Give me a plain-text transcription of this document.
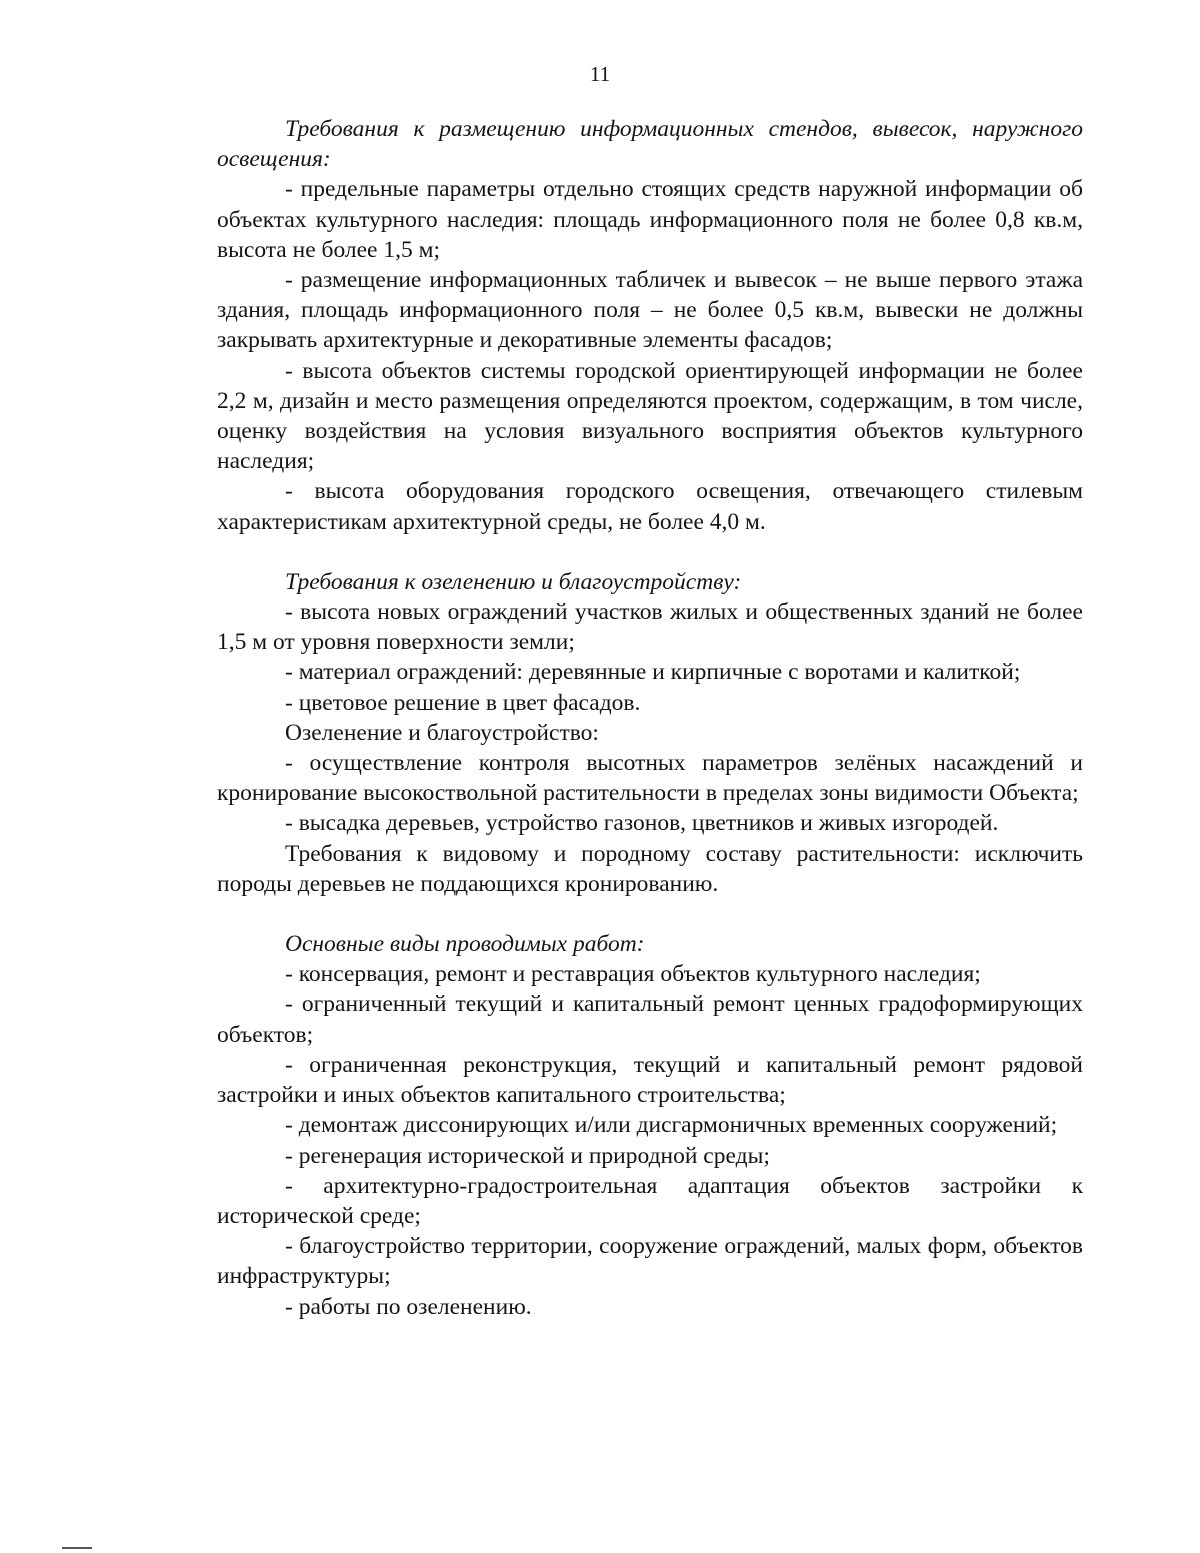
11

Требования к размещению информационных стендов, вывесок, наружного освещения:

- предельные параметры отдельно стоящих средств наружной информации об объектах культурного наследия: площадь информационного поля не более 0,8 кв.м, высота не более 1,5 м;

- размещение информационных табличек и вывесок – не выше первого этажа здания, площадь информационного поля – не более 0,5 кв.м, вывески не должны закрывать архитектурные и декоративные элементы фасадов;

- высота объектов системы городской ориентирующей информации не более 2,2 м, дизайн и место размещения определяются проектом, содержащим, в том числе, оценку воздействия на условия визуального восприятия объектов культурного наследия;

- высота оборудования городского освещения, отвечающего стилевым характеристикам архитектурной среды, не более 4,0 м.

Требования к озеленению и благоустройству:

- высота новых ограждений участков жилых и общественных зданий не более 1,5 м от уровня поверхности земли;

- материал ограждений: деревянные и кирпичные с воротами и калиткой;

- цветовое решение в цвет фасадов.

Озеленение и благоустройство:

- осуществление контроля высотных параметров зелёных насаждений и кронирование высокоствольной растительности в пределах зоны видимости Объекта;

- высадка деревьев, устройство газонов, цветников и живых изгородей.

Требования к видовому и породному составу растительности: исключить породы деревьев не поддающихся кронированию.

Основные виды проводимых работ:

- консервация, ремонт и реставрация объектов культурного наследия;

- ограниченный текущий и капитальный ремонт ценных градоформирующих объектов;

- ограниченная реконструкция, текущий и капитальный ремонт рядовой застройки и иных объектов капитального строительства;

- демонтаж диссонирующих и/или дисгармоничных временных сооружений;

- регенерация исторической и природной среды;

- архитектурно-градостроительная адаптация объектов застройки к исторической среде;

- благоустройство территории, сооружение ограждений, малых форм, объектов инфраструктуры;

- работы по озеленению.
